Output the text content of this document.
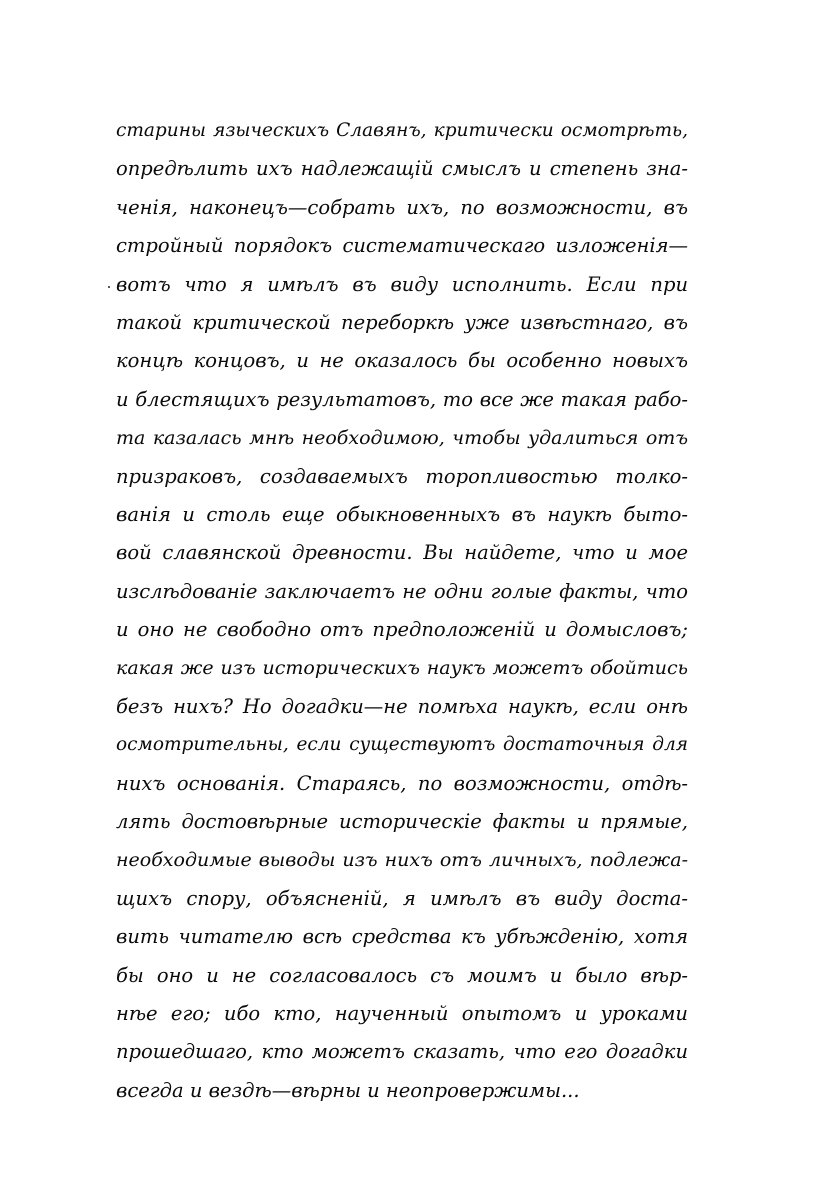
старины языческихъ Славянъ, критически осмотрѣть,
опредѣлить ихъ надлежащій смыслъ и степень зна-
ченія, наконецъ—собрать ихъ, по возможности, въ
стройный порядокъ систематическаго изложенія—
вотъ что я имѣлъ въ виду исполнить. Если при
такой критической переборкѣ уже извѣстнаго, въ
концѣ концовъ, и не оказалось бы особенно новыхъ
и блестящихъ результатовъ, то все же такая рабо-
та казалась мнѣ необходимою, чтобы удалиться отъ
призраковъ, создаваемыхъ торопливостью толко-
ванія и столь еще обыкновенныхъ въ наукѣ быто-
вой славянской древности. Вы найдете, что и мое
изслѣдованіе заключаетъ не одни голые факты, что
и оно не свободно отъ предположеній и домысловъ;
какая же изъ историческихъ наукъ можетъ обойтись
безъ нихъ? Но догадки—не помѣха наукѣ, если онѣ
осмотрительны, если существуютъ достаточныя для
нихъ основанія. Стараясь, по возможности, отдѣ-
лять достовѣрные историческіе факты и прямые,
необходимые выводы изъ нихъ отъ личныхъ, подлежа-
щихъ спору, объясненій, я имѣлъ въ виду доста-
вить читателю всѣ средства къ убѣжденію, хотя
бы оно и не согласовалось съ моимъ и было вѣр-
нѣе его; ибо кто, наученный опытомъ и уроками
прошедшаго, кто можетъ сказать, что его догадки
всегда и вездѣ—вѣрны и неопровержимы...
